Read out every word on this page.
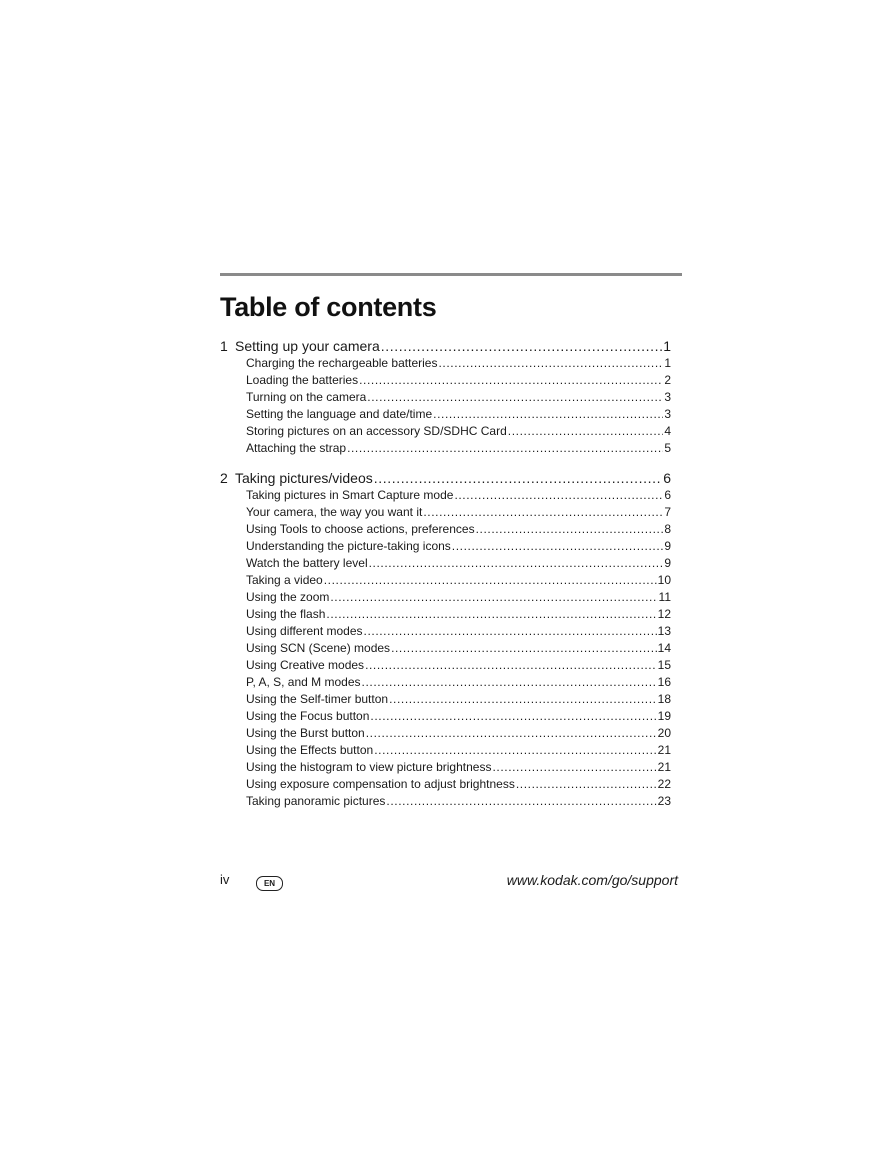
Table of contents
1 Setting up your camera .....	1
Charging the rechargeable batteries .....	1
Loading the batteries .....	2
Turning on the camera .....	3
Setting the language and date/time .....	3
Storing pictures on an accessory SD/SDHC Card .....	4
Attaching the strap .....	5
2 Taking pictures/videos .....	6
Taking pictures in Smart Capture mode .....	6
Your camera, the way you want it .....	7
Using Tools to choose actions, preferences .....	8
Understanding the picture-taking icons .....	9
Watch the battery level .....	9
Taking a video .....	10
Using the zoom .....	11
Using the flash .....	12
Using different modes .....	13
Using SCN (Scene) modes .....	14
Using Creative modes .....	15
P, A, S, and M modes .....	16
Using the Self-timer button .....	18
Using the Focus button .....	19
Using the Burst button .....	20
Using the Effects button .....	21
Using the histogram to view picture brightness .....	21
Using exposure compensation to adjust brightness .....	22
Taking panoramic pictures .....	23
iv	EN	www.kodak.com/go/support
